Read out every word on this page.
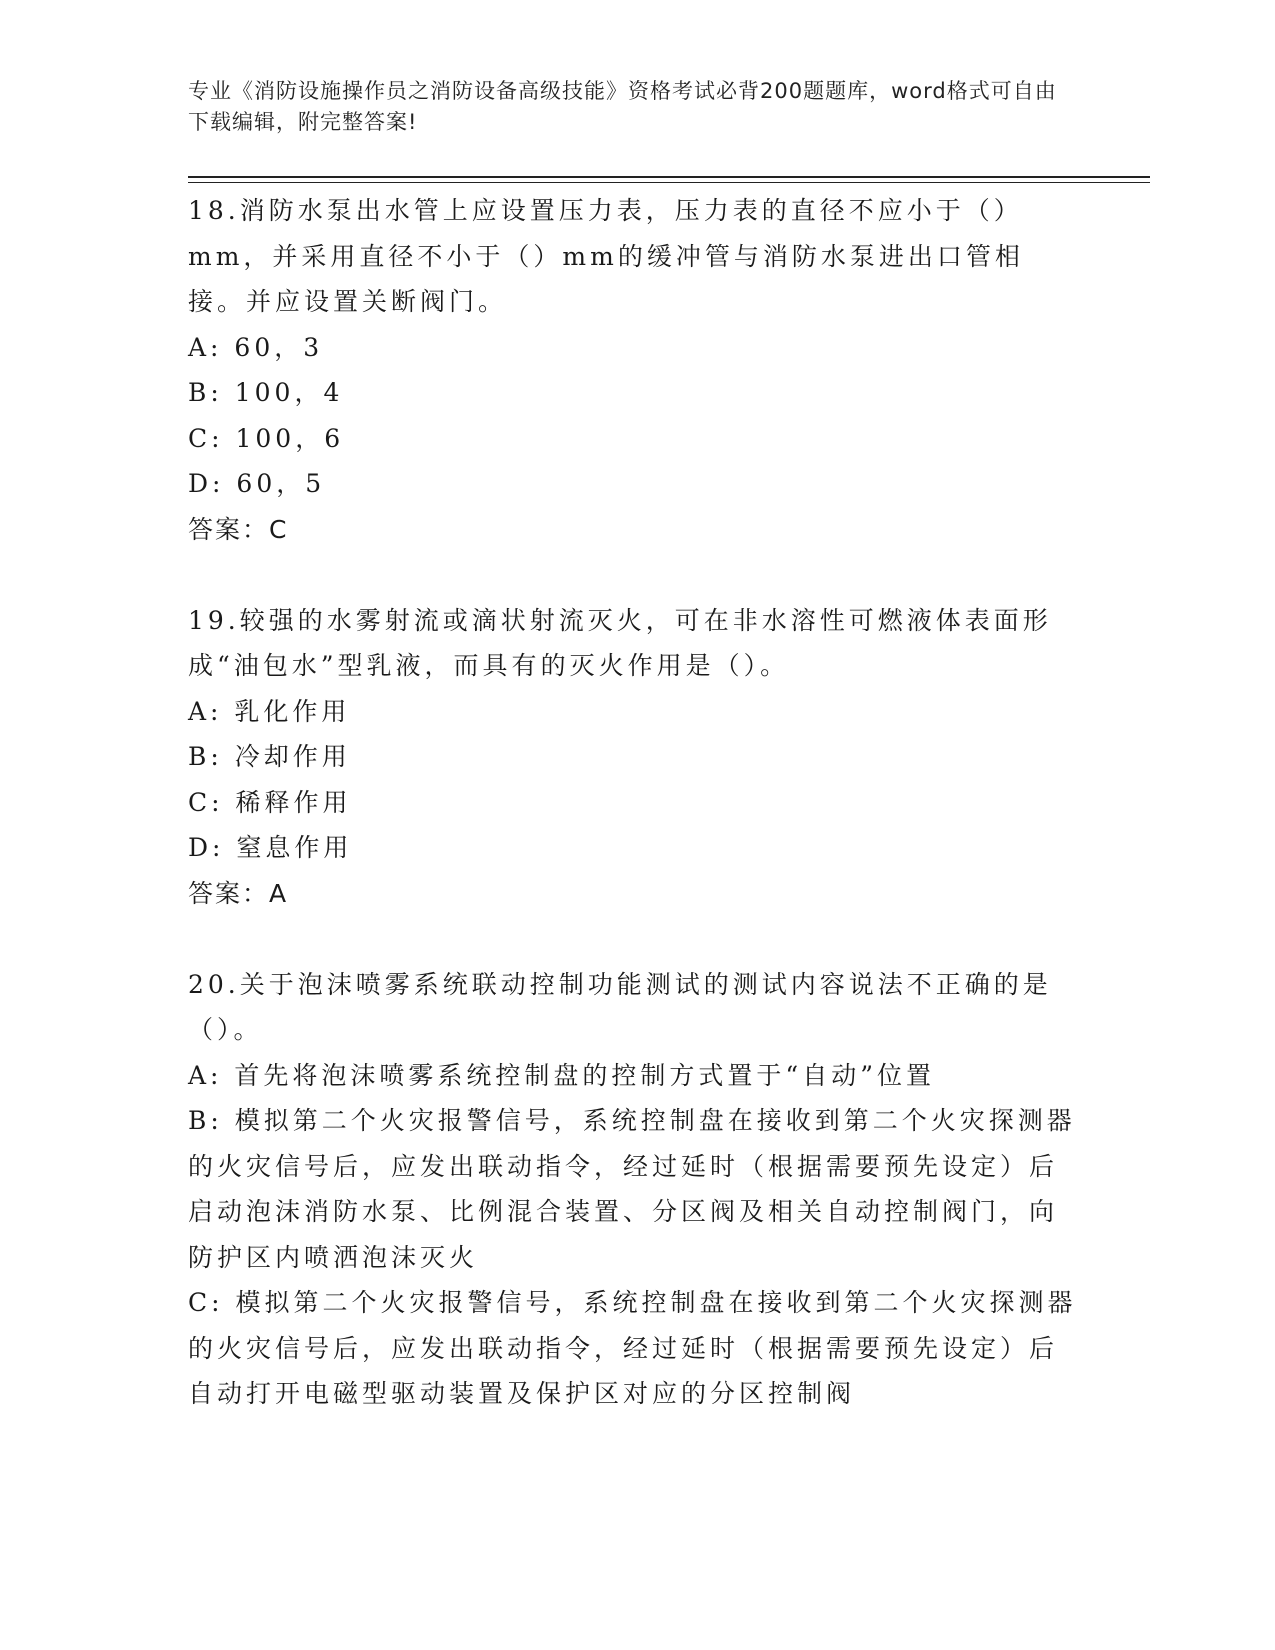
专业《消防设施操作员之消防设备高级技能》资格考试必背200题题库，word格式可自由下载编辑，附完整答案!

18.消防水泵出水管上应设置压力表，压力表的直径不应小于（）mm，并采用直径不小于（）mm的缓冲管与消防水泵进出口管相接。并应设置关断阀门。

A: 60，3

B: 100，4

C: 100，6

D: 60，5

答案：C

19.较强的水雾射流或滴状射流灭火，可在非水溶性可燃液体表面形成“油包水”型乳液，而具有的灭火作用是（）。

A: 乳化作用

B: 冷却作用

C: 稀释作用

D: 窒息作用

答案：A

20.关于泡沫喷雾系统联动控制功能测试的测试内容说法不正确的是（）。

A: 首先将泡沫喷雾系统控制盘的控制方式置于“自动”位置

B: 模拟第二个火灾报警信号，系统控制盘在接收到第二个火灾探测器的火灾信号后，应发出联动指令，经过延时（根据需要预先设定）后启动泡沫消防水泵、比例混合装置、分区阀及相关自动控制阀门，向防护区内喷洒泡沫灭火

C: 模拟第二个火灾报警信号，系统控制盘在接收到第二个火灾探测器的火灾信号后，应发出联动指令，经过延时（根据需要预先设定）后自动打开电磁型驱动装置及保护区对应的分区控制阀
